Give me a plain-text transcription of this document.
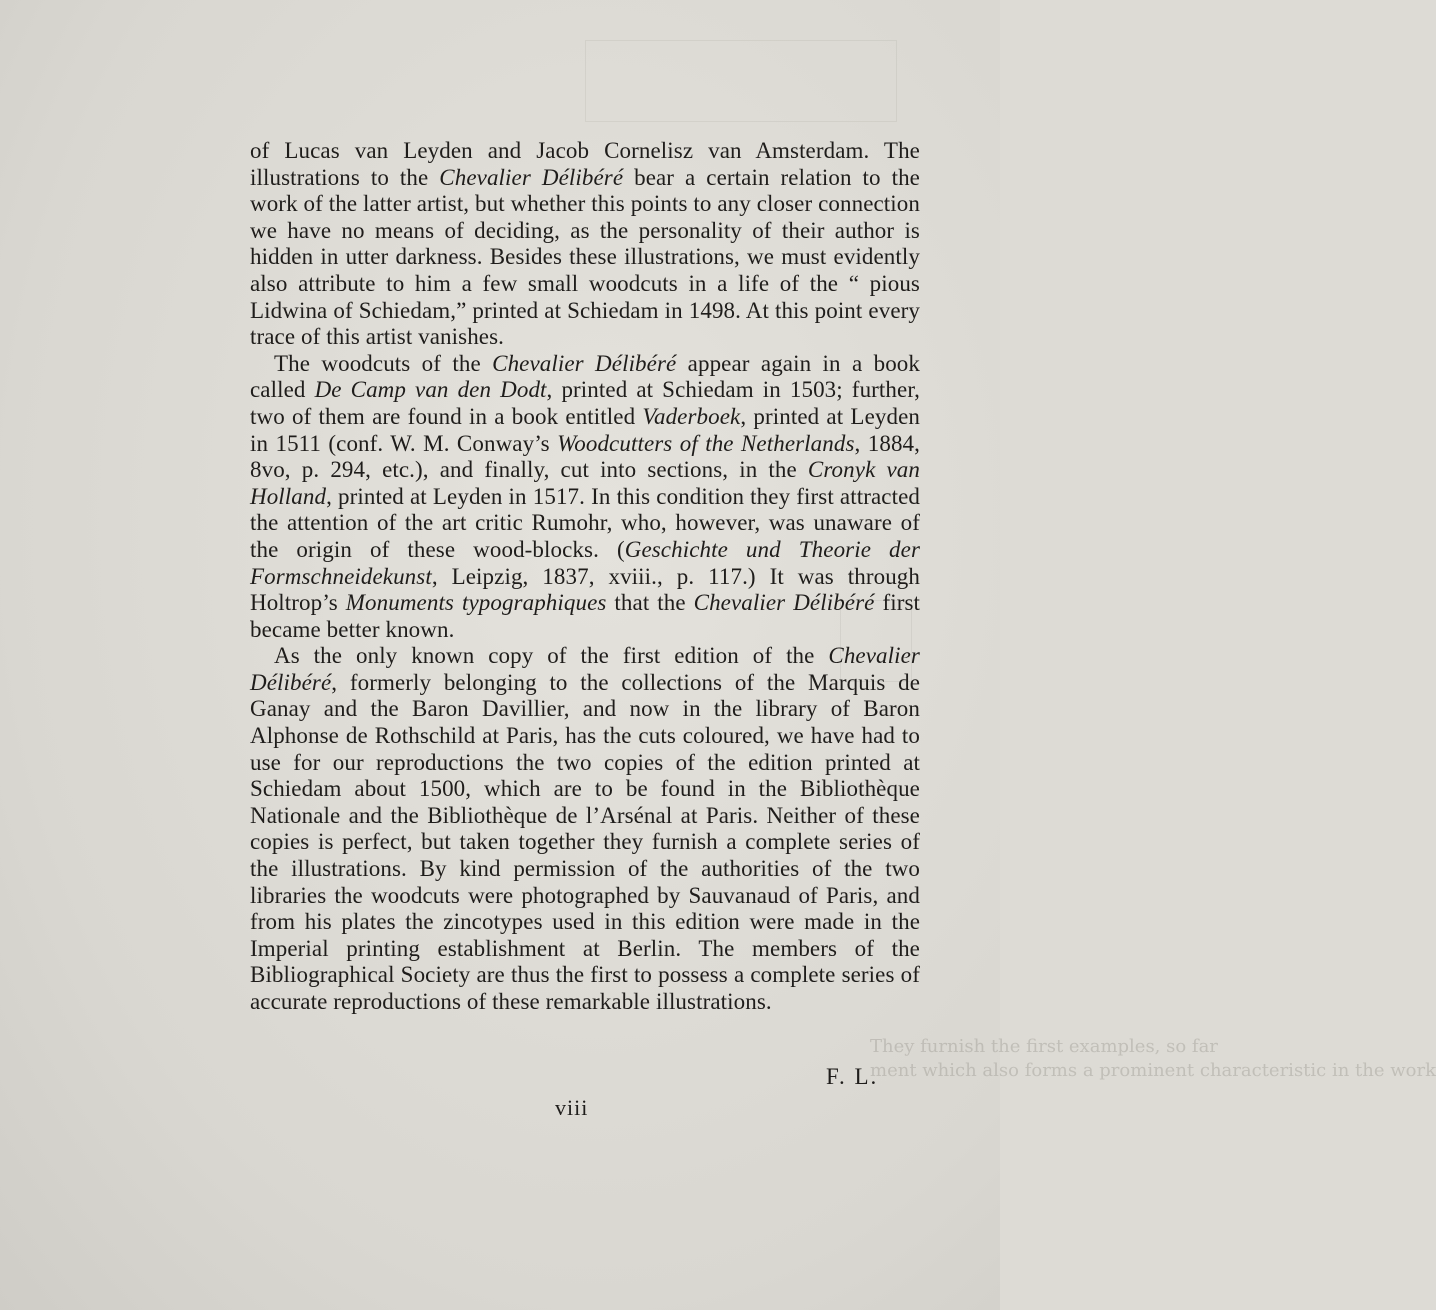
They furnish the first examples, so far
ment which also forms a prominent characteristic in the work

of Lucas van Leyden and Jacob Cornelisz van Amsterdam. The illustrations to the Chevalier Délibéré bear a certain relation to the work of the latter artist, but whether this points to any closer connection we have no means of deciding, as the personality of their author is hidden in utter darkness. Besides these illustrations, we must evidently also attribute to him a few small woodcuts in a life of the “ pious Lidwina of Schiedam,” printed at Schiedam in 1498. At this point every trace of this artist vanishes.

The woodcuts of the Chevalier Délibéré appear again in a book called De Camp van den Dodt, printed at Schiedam in 1503; further, two of them are found in a book entitled Vaderboek, printed at Leyden in 1511 (conf. W. M. Conway’s Woodcutters of the Netherlands, 1884, 8vo, p. 294, etc.), and finally, cut into sections, in the Cronyk van Holland, printed at Leyden in 1517. In this condition they first attracted the attention of the art critic Rumohr, who, however, was unaware of the origin of these wood-blocks. (Geschichte und Theorie der Formschneidekunst, Leipzig, 1837, xviii., p. 117.) It was through Holtrop’s Monuments typographiques that the Chevalier Délibéré first became better known.

As the only known copy of the first edition of the Chevalier Délibéré, formerly belonging to the collections of the Marquis de Ganay and the Baron Davillier, and now in the library of Baron Alphonse de Rothschild at Paris, has the cuts coloured, we have had to use for our reproductions the two copies of the edition printed at Schiedam about 1500, which are to be found in the Bibliothèque Nationale and the Bibliothèque de l’Arsénal at Paris. Neither of these copies is perfect, but taken together they furnish a complete series of the illustrations. By kind permission of the authorities of the two libraries the woodcuts were photographed by Sauvanaud of Paris, and from his plates the zincotypes used in this edition were made in the Imperial printing establishment at Berlin. The members of the Bibliographical Society are thus the first to possess a complete series of accurate reproductions of these remarkable illustrations.

F. L.
viii
